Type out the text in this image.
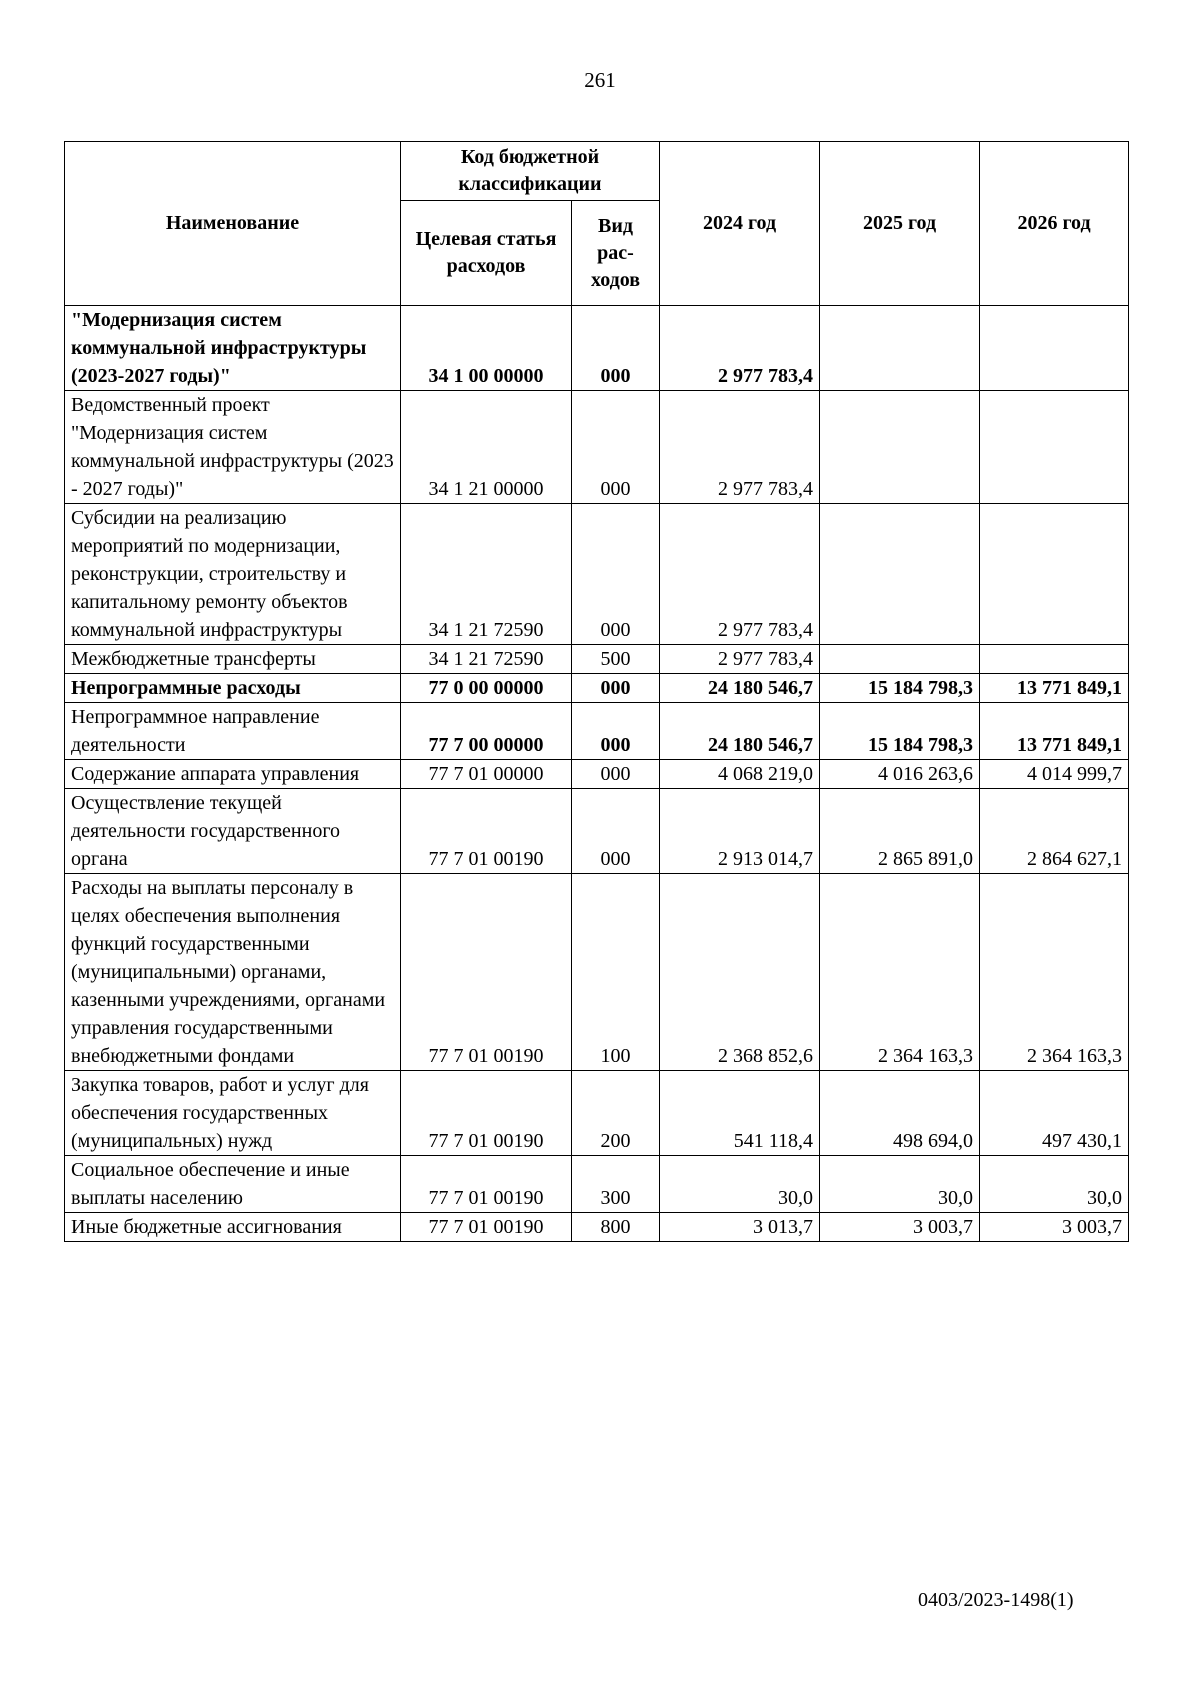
261
Наименование	Код бюджетной классификации		2024 год	2025 год	2026 год
	Целевая статья расходов	Вид рас- ходов			
"Модернизация систем коммунальной инфраструктуры (2023-2027 годы)"	34 1 00 00000	000	2 977 783,4		
Ведомственный проект "Модернизация систем коммунальной инфраструктуры (2023 - 2027 годы)"	34 1 21 00000	000	2 977 783,4		
Субсидии на реализацию мероприятий по модернизации, реконструкции, строительству и капитальному ремонту объектов коммунальной инфраструктуры	34 1 21 72590	000	2 977 783,4		
Межбюджетные трансферты	34 1 21 72590	500	2 977 783,4		
Непрограммные расходы	77 0 00 00000	000	24 180 546,7	15 184 798,3	13 771 849,1
Непрограммное направление деятельности	77 7 00 00000	000	24 180 546,7	15 184 798,3	13 771 849,1
Содержание аппарата управления	77 7 01 00000	000	4 068 219,0	4 016 263,6	4 014 999,7
Осуществление текущей деятельности государственного органа	77 7 01 00190	000	2 913 014,7	2 865 891,0	2 864 627,1
Расходы на выплаты персоналу в целях обеспечения выполнения функций государственными (муниципальными) органами, казенными учреждениями, органами управления государственными внебюджетными фондами	77 7 01 00190	100	2 368 852,6	2 364 163,3	2 364 163,3
Закупка товаров, работ и услуг для обеспечения государственных (муниципальных) нужд	77 7 01 00190	200	541 118,4	498 694,0	497 430,1
Социальное обеспечение и иные выплаты населению	77 7 01 00190	300	30,0	30,0	30,0
Иные бюджетные ассигнования	77 7 01 00190	800	3 013,7	3 003,7	3 003,7
0403/2023-1498(1)
